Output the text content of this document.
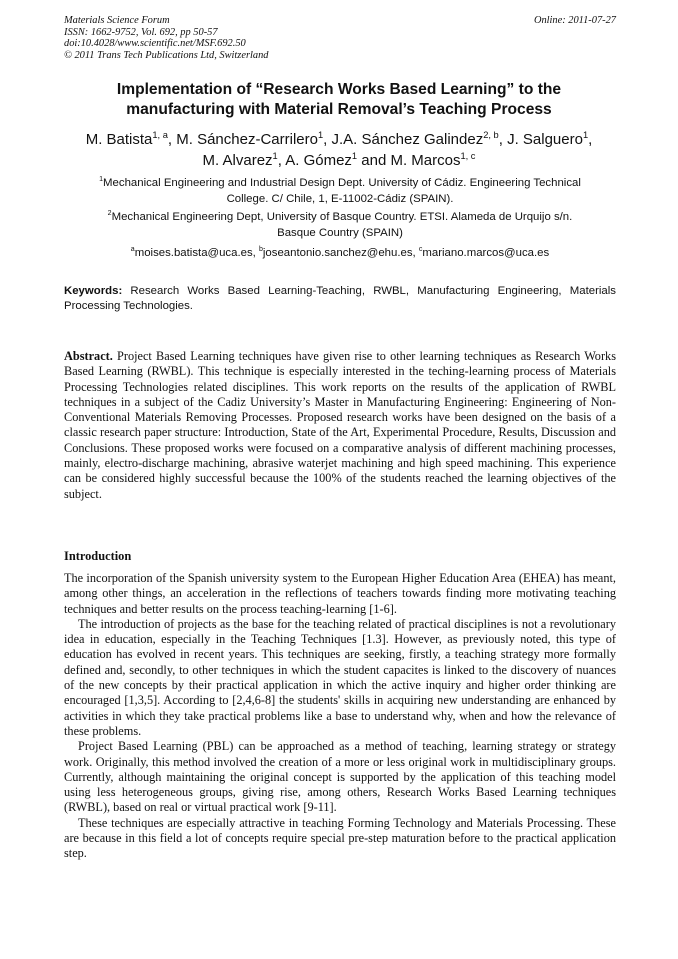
Materials Science Forum
ISSN: 1662-9752, Vol. 692, pp 50-57
doi:10.4028/www.scientific.net/MSF.692.50
© 2011 Trans Tech Publications Ltd, Switzerland
Online: 2011-07-27
Implementation of “Research Works Based Learning” to the
manufacturing with Material Removal’s Teaching Process
M. Batista$^{1, a}$, M. Sánchez-Carrilero$^1$, J.A. Sánchez Galindez$^{2, b}$, J. Salguero$^1$,
M. Alvarez$^1$, A. Gómez$^1$ and M. Marcos$^{1, c}$
$^1$Mechanical Engineering and Industrial Design Dept. University of Cádiz. Engineering Technical
College. C/ Chile, 1, E-11002-Cádiz (SPAIN).
$^2$Mechanical Engineering Dept, University of Basque Country. ETSI. Alameda de Urquijo s/n.
Basque Country (SPAIN)
$^a$moises.batista@uca.es, $^b$joseantonio.sanchez@ehu.es, $^c$mariano.marcos@uca.es
Keywords: Research Works Based Learning-Teaching, RWBL, Manufacturing Engineering, Materials Processing Technologies.

Abstract. Project Based Learning techniques have given rise to other learning techniques as Research Works Based Learning (RWBL). This technique is especially interested in the teching-learning process of Materials Processing Technologies related disciplines. This work reports on the results of the application of RWBL techniques in a subject of the Cadiz University’s Master in Manufacturing Engineering: Engineering of Non-Conventional Materials Removing Processes. Proposed research works have been designed on the basis of a classic research paper structure: Introduction, State of the Art, Experimental Procedure, Results, Discussion and Conclusions. These proposed works were focused on a comparative analysis of different machining processes, mainly, electro-discharge machining, abrasive waterjet machining and high speed machining. This experience can be considered highly successful because the 100% of the students reached the learning objectives of the subject.

Introduction

The incorporation of the Spanish university system to the European Higher Education Area (EHEA) has meant, among other things, an acceleration in the reflections of teachers towards finding more motivating teaching techniques and better results on the process teaching-learning [1-6].

The introduction of projects as the base for the teaching related of practical disciplines is not a revolutionary idea in education, especially in the Teaching Techniques [1.3]. However, as previously noted, this type of education has evolved in recent years. This techniques are seeking, firstly, a teaching strategy more formally defined and, secondly, to other techniques in which the student capacites is linked to the discovery of nuances of the new concepts by their practical application in which the active inquiry and higher order thinking are encouraged [1,3,5]. According to [2,4,6-8] the students' skills in acquiring new understanding are enhanced by activities in which they take practical problems like a base to understand why, when and how the relevance of these problems.

Project Based Learning (PBL) can be approached as a method of teaching, learning strategy or strategy work. Originally, this method involved the creation of a more or less original work in multidisciplinary groups. Currently, although maintaining the original concept is supported by the application of this teaching model using less heterogeneous groups, giving rise, among others, Research Works Based Learning techniques (RWBL), based on real or virtual practical work [9-11].

These techniques are especially attractive in teaching Forming Technology and Materials Processing. These are because in this field a lot of concepts require special pre-step maturation before to the practical application step.
